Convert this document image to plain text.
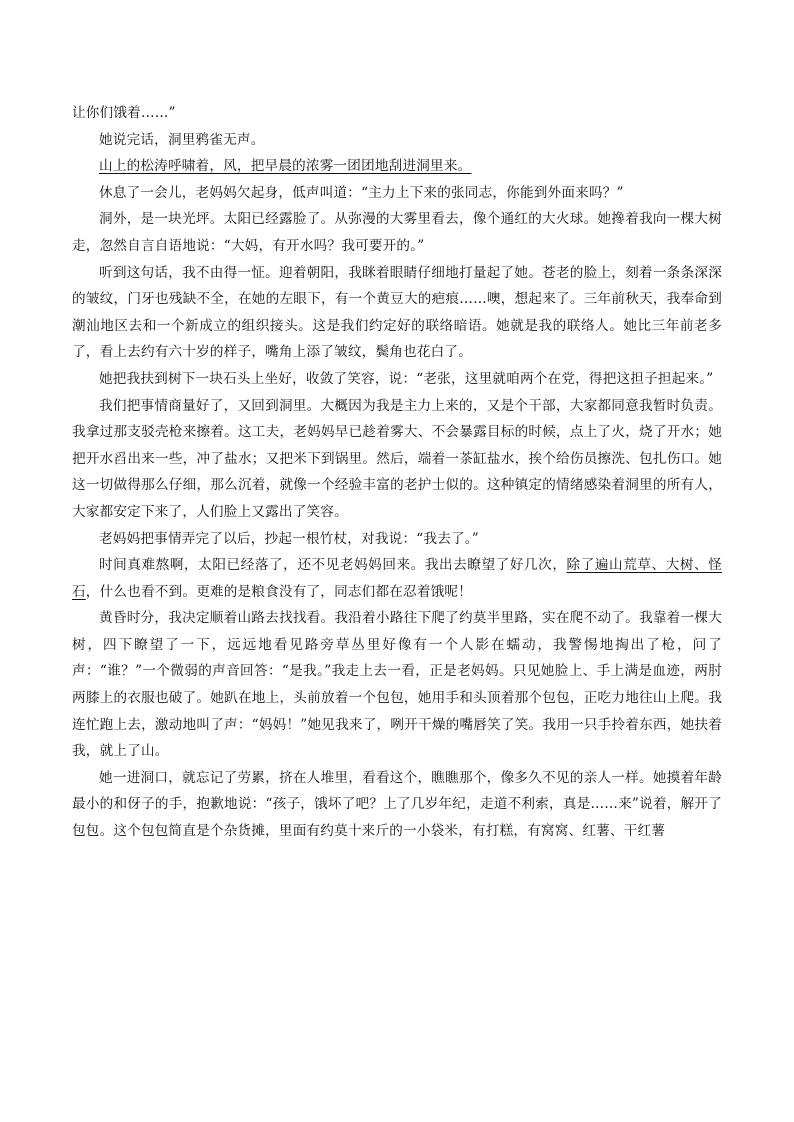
让你们饿着……”

她说完话，洞里鸦雀无声。

山上的松涛呼啸着，风，把早晨的浓雾一团团地刮进洞里来。

休息了一会儿，老妈妈欠起身，低声叫道：“主力上下来的张同志，你能到外面来吗？”

洞外，是一块光坪。太阳已经露脸了。从弥漫的大雾里看去，像个通红的大火球。她搀着我向一棵大树走，忽然自言自语地说：“大妈，有开水吗？我可要开的。”

听到这句话，我不由得一怔。迎着朝阳，我眯着眼睛仔细地打量起了她。苍老的脸上，刻着一条条深深的皱纹，门牙也残缺不全，在她的左眼下，有一个黄豆大的疤痕……噢，想起来了。三年前秋天，我奉命到潮汕地区去和一个新成立的组织接头。这是我们约定好的联络暗语。她就是我的联络人。她比三年前老多了，看上去约有六十岁的样子，嘴角上添了皱纹，鬓角也花白了。

她把我扶到树下一块石头上坐好，收敛了笑容，说：“老张，这里就咱两个在党，得把这担子担起来。”

我们把事情商量好了，又回到洞里。大概因为我是主力上来的，又是个干部，大家都同意我暂时负责。我拿过那支驳壳枪来擦着。这工夫，老妈妈早已趁着雾大、不会暴露目标的时候，点上了火，烧了开水；她把开水舀出来一些，冲了盐水；又把米下到锅里。然后，端着一茶缸盐水，挨个给伤员擦洗、包扎伤口。她这一切做得那么仔细，那么沉着，就像一个经验丰富的老护士似的。这种镇定的情绪感染着洞里的所有人，大家都安定下来了，人们脸上又露出了笑容。

老妈妈把事情弄完了以后，抄起一根竹杖，对我说：“我去了。”

时间真难熬啊，太阳已经落了，还不见老妈妈回来。我出去瞭望了好几次，除了遍山荒草、大树、怪石，什么也看不到。更难的是粮食没有了，同志们都在忍着饿呢！

黄昏时分，我决定顺着山路去找找看。我沿着小路往下爬了约莫半里路，实在爬不动了。我靠着一棵大树，四下瞭望了一下，远远地看见路旁草丛里好像有一个人影在蠕动，我警惕地掏出了枪，问了声：“谁？”一个微弱的声音回答：“是我。”我走上去一看，正是老妈妈。只见她脸上、手上满是血迹，两肘两膝上的衣服也破了。她趴在地上，头前放着一个包包，她用手和头顶着那个包包，正吃力地往山上爬。我连忙跑上去，激动地叫了声：“妈妈！”她见我来了，咧开干燥的嘴唇笑了笑。我用一只手拎着东西，她扶着我，就上了山。

她一进洞口，就忘记了劳累，挤在人堆里，看看这个，瞧瞧那个，像多久不见的亲人一样。她摸着年龄最小的和伢子的手，抱歉地说：“孩子，饿坏了吧？上了几岁年纪，走道不利索，真是……来”说着，解开了包包。这个包包简直是个杂货摊，里面有约莫十来斤的一小袋米，有打糕，有窝窝、红薯、干红薯
